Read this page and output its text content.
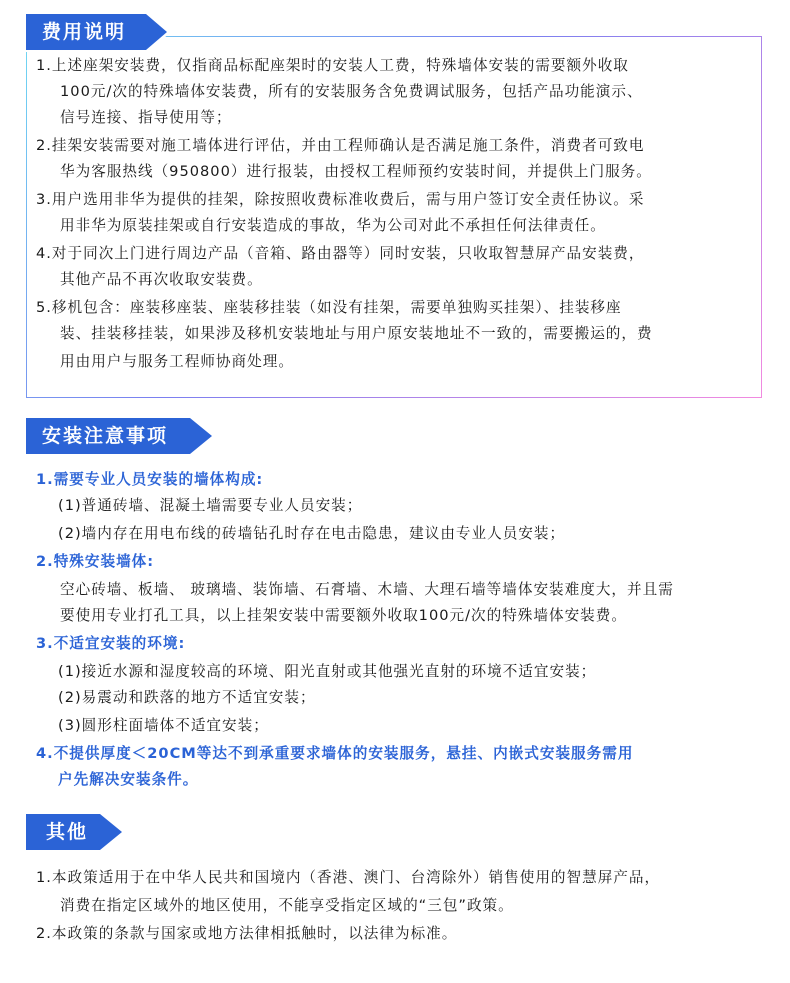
费用说明
1.上述座架安装费，仅指商品标配座架时的安装人工费，特殊墙体安装的需要额外收取
100元/次的特殊墙体安装费，所有的安装服务含免费调试服务，包括产品功能演示、
信号连接、指导使用等；
2.挂架安装需要对施工墙体进行评估，并由工程师确认是否满足施工条件，消费者可致电
华为客服热线（950800）进行报装，由授权工程师预约安装时间，并提供上门服务。
3.用户选用非华为提供的挂架，除按照收费标准收费后，需与用户签订安全责任协议。采
用非华为原装挂架或自行安装造成的事故，华为公司对此不承担任何法律责任。
4.对于同次上门进行周边产品（音箱、路由器等）同时安装，只收取智慧屏产品安装费，
其他产品不再次收取安装费。
5.移机包含：座装移座装、座装移挂装（如没有挂架，需要单独购买挂架）、挂装移座
装、挂装移挂装，如果涉及移机安装地址与用户原安装地址不一致的，需要搬运的，费
用由用户与服务工程师协商处理。
安装注意事项
1.需要专业人员安装的墙体构成:
(1)普通砖墙、混凝土墙需要专业人员安装；
(2)墙内存在用电布线的砖墙钻孔时存在电击隐患，建议由专业人员安装；
2.特殊安装墙体:
空心砖墙、板墙、 玻璃墙、装饰墙、石膏墙、木墙、大理石墙等墙体安装难度大，并且需
要使用专业打孔工具，以上挂架安装中需要额外收取100元/次的特殊墙体安装费。
3.不适宜安装的环境:
(1)接近水源和湿度较高的环境、阳光直射或其他强光直射的环境不适宜安装；
(2)易震动和跌落的地方不适宜安装；
(3)圆形柱面墙体不适宜安装；
4.不提供厚度＜20CM等达不到承重要求墙体的安装服务，悬挂、内嵌式安装服务需用
户先解决安装条件。
其他
1.本政策适用于在中华人民共和国境内（香港、澳门、台湾除外）销售使用的智慧屏产品，
消费在指定区域外的地区使用，不能享受指定区域的“三包”政策。
2.本政策的条款与国家或地方法律相抵触时，以法律为标准。
